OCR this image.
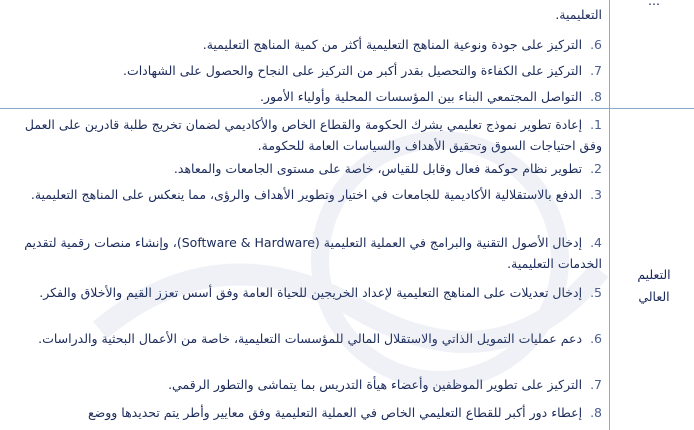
...
التعليمية.
6. التركيز على جودة ونوعية المناهج التعليمية أكثر من كمية المناهج التعليمية.
7. التركيز على الكفاءة والتحصيل بقدر أكبر من التركيز على النجاح والحصول على الشهادات.
8. التواصل المجتمعي البناء بين المؤسسات المحلية وأولياء الأمور.
التعليم
العالي
1. إعادة تطوير نموذج تعليمي يشرك الحكومة والقطاع الخاص والأكاديمي لضمان تخريج طلبة قادرين على العمل وفق احتياجات السوق وتحقيق الأهداف والسياسات العامة للحكومة.
2. تطوير نظام حوكمة فعال وقابل للقياس، خاصة على مستوى الجامعات والمعاهد.
3. الدفع بالاستقلالية الأكاديمية للجامعات في اختيار وتطوير الأهداف والرؤى، مما ينعكس على المناهج التعليمية.
4. إدخال الأصول التقنية والبرامج في العملية التعليمية (Software & Hardware)، وإنشاء منصات رقمية لتقديم الخدمات التعليمية.
5. إدخال تعديلات على المناهج التعليمية لإعداد الخريجين للحياة العامة وفق أسس تعزز القيم والأخلاق والفكر.
6. دعم عمليات التمويل الذاتي والاستقلال المالي للمؤسسات التعليمية، خاصة من الأعمال البحثية والدراسات.
7. التركيز على تطوير الموظفين وأعضاء هيأة التدريس بما يتماشى والتطور الرقمي.
8. إعطاء دور أكبر للقطاع التعليمي الخاص في العملية التعليمية وفق معايير وأطر يتم تحديدها ووضع
